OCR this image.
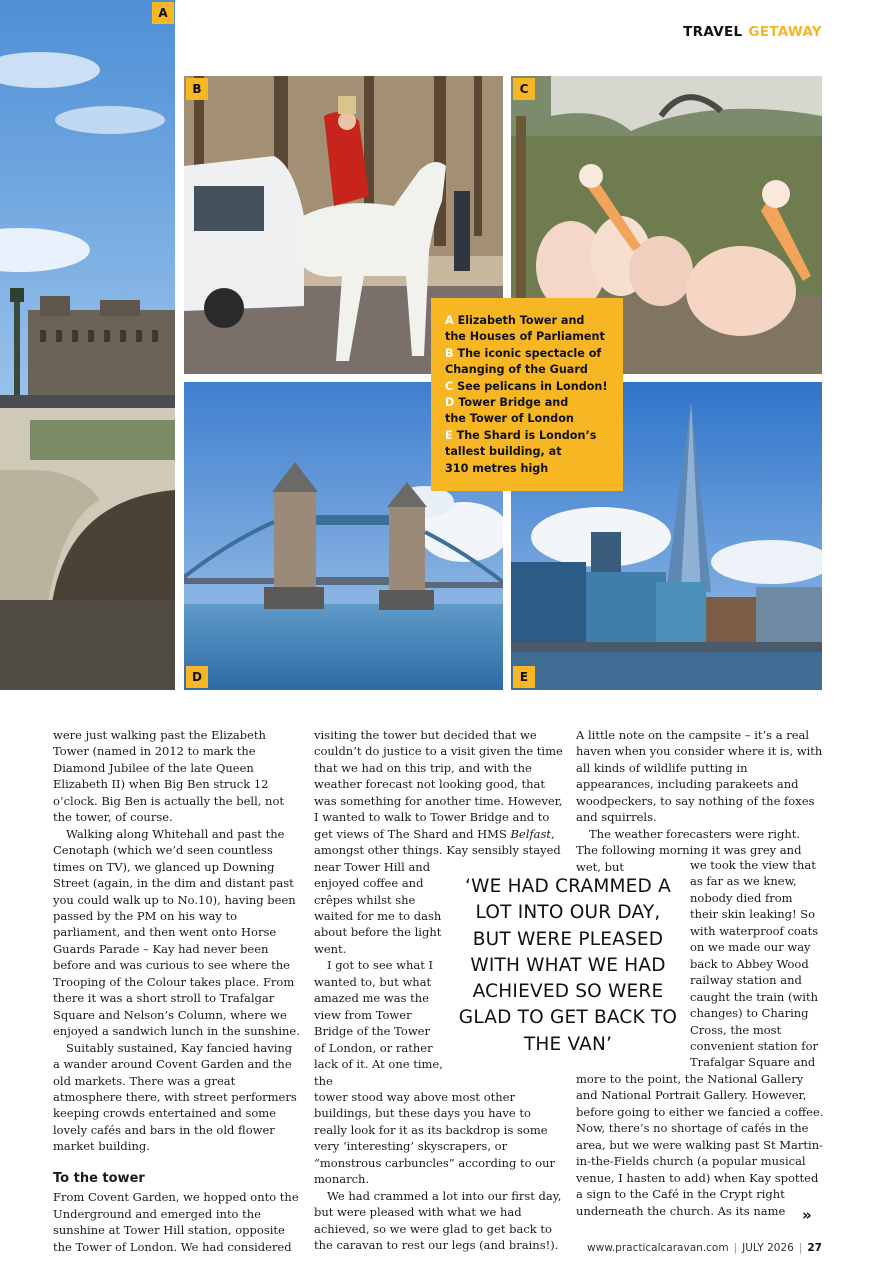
TRAVEL GETAWAY
A
B	C
D	E
A Elizabeth Tower and
the Houses of Parliament
B The iconic spectacle of
Changing of the Guard
C See pelicans in London!
D Tower Bridge and
the Tower of London
E The Shard is London’s
tallest building, at
310 metres high

were just walking past the Elizabeth Tower (named in 2012 to mark the Diamond Jubilee of the late Queen Elizabeth II) when Big Ben struck 12 o’clock. Big Ben is actually the bell, not the tower, of course.

Walking along Whitehall and past the Cenotaph (which we’d seen countless times on TV), we glanced up Downing Street (again, in the dim and distant past you could walk up to No.10), having been passed by the PM on his way to parliament, and then went onto Horse Guards Parade – Kay had never been before and was curious to see where the Trooping of the Colour takes place. From there it was a short stroll to Trafalgar Square and Nelson’s Column, where we enjoyed a sandwich lunch in the sunshine.

Suitably sustained, Kay fancied having a wander around Covent Garden and the old markets. There was a great atmosphere there, with street performers keeping crowds entertained and some lovely cafés and bars in the old flower market building.

To the tower

From Covent Garden, we hopped onto the Underground and emerged into the sunshine at Tower Hill station, opposite the Tower of London. We had considered

visiting the tower but decided that we couldn’t do justice to a visit given the time that we had on this trip, and with the weather forecast not looking good, that was something for another time. However, I wanted to walk to Tower Bridge and to get views of The Shard and HMS Belfast, amongst other things. Kay sensibly stayed

near Tower Hill and enjoyed coffee and crêpes whilst she waited for me to dash about before the light went.

I got to see what I wanted to, but what amazed me was the view from Tower Bridge of the Tower of London, or rather lack of it. At one time, the

tower stood way above most other buildings, but these days you have to really look for it as its backdrop is some very ‘interesting’ skyscrapers, or “monstrous carbuncles” according to our monarch.

We had crammed a lot into our first day, but were pleased with what we had achieved, so we were glad to get back to the caravan to rest our legs (and brains!).

‘WE HAD CRAMMED A LOT INTO OUR DAY, BUT WERE PLEASED WITH WHAT WE HAD ACHIEVED SO WERE GLAD TO GET BACK TO THE VAN’

A little note on the campsite – it’s a real haven when you consider where it is, with all kinds of wildlife putting in appearances, including parakeets and woodpeckers, to say nothing of the foxes and squirrels.

The weather forecasters were right. The following morning it was grey and wet, but	we took the view that as far as we knew, nobody died from their skin leaking! So with waterproof coats on we made our way back to Abbey Wood railway station and caught the train (with changes) to Charing Cross, the most convenient station for Trafalgar Square and

more to the point, the National Gallery and National Portrait Gallery. However, before going to either we fancied a coffee. Now, there’s no shortage of cafés in the area, but we were walking past St Martin-in-the-Fields church (a popular musical venue, I hasten to add) when Kay spotted a sign to the Café in the Crypt right underneath the church. As its name	»
www.practicalcaravan.com | JULY 2026 | 27
